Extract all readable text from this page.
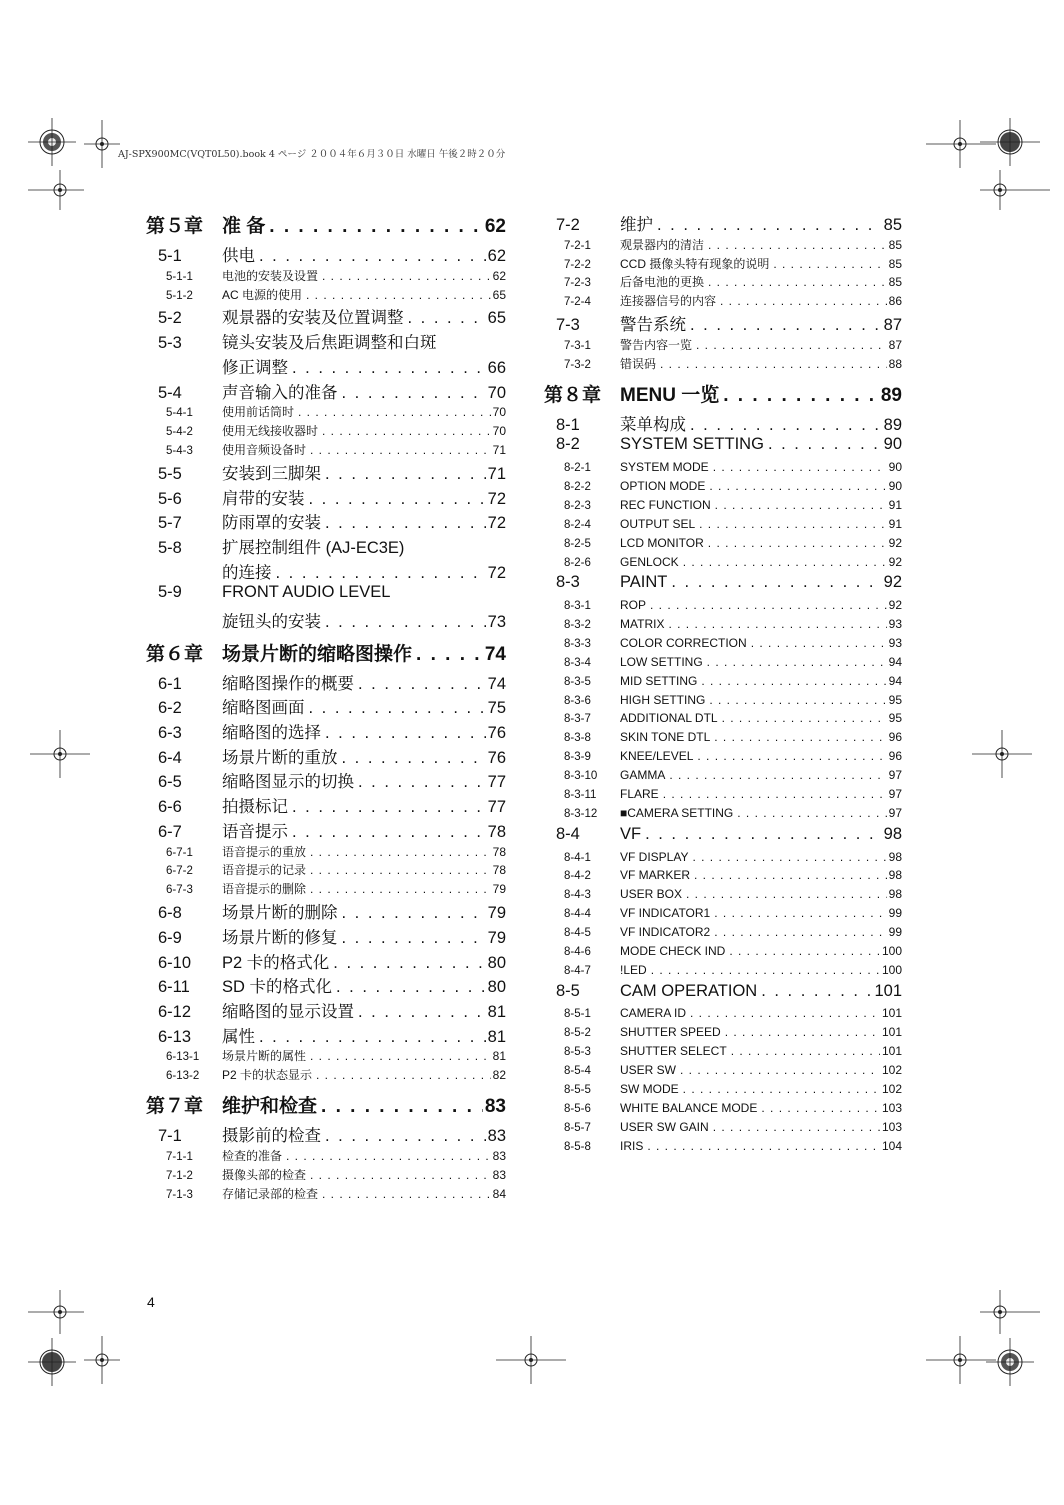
AJ-SPX900MC(VQT0L50).book 4 ページ ２００４年６月３０日 水曜日 午後２時２０分
第５章 准 备 . . .	62
5-1	供电 . . .	62
5-1-1	电池的安装及设置 . . .	62
5-1-2	AC 电源的使用 . . .	65
5-2	观景器的安装及位置调整 . . .	65
5-3	镜头安装及后焦距调整和白斑
修正调整 . . .	66
5-4	声音输入的准备 . . .	70
5-4-1	使用前话筒时 . . .	70
5-4-2	使用无线接收器时 . . .	70
5-4-3	使用音频设备时 . . .	71
5-5	安装到三脚架 . . .	71
5-6	肩带的安装 . . .	72
5-7	防雨罩的安装 . . .	72
5-8	扩展控制组件 (AJ-EC3E)
的连接 . . .	72
5-9	FRONT AUDIO LEVEL
旋钮头的安装 . . .	73
第６章 场景片断的缩略图操作 . . .	74
6-1	缩略图操作的概要 . . .	74
6-2	缩略图画面 . . .	75
6-3	缩略图的选择 . . .	76
6-4	场景片断的重放 . . .	76
6-5	缩略图显示的切换 . . .	77
6-6	拍摄标记 . . .	77
6-7	语音提示 . . .	78
6-7-1	语音提示的重放 . . .	78
6-7-2	语音提示的记录 . . .	78
6-7-3	语音提示的删除 . . .	79
6-8	场景片断的删除 . . .	79
6-9	场景片断的修复 . . .	79
6-10	P2 卡的格式化 . . .	80
6-11	SD 卡的格式化 . . .	80
6-12	缩略图的显示设置 . . .	81
6-13	属性 . . .	81
6-13-1	场景片断的属性 . . .	81
6-13-2	P2 卡的状态显示 . . .	82
第７章 维护和检查 . . .	83
7-1	摄影前的检查 . . .	83
7-1-1	检查的准备 . . .	83
7-1-2	摄像头部的检查 . . .	83
7-1-3	存储记录部的检查 . . .	84
7-2	维护 . . .	85
7-2-1	观景器内的清洁 . . .	85
7-2-2	CCD 摄像头特有现象的说明 . . .	85
7-2-3	后备电池的更换 . . .	85
7-2-4	连接器信号的内容 . . .	86
7-3	警告系统 . . .	87
7-3-1	警告内容一览 . . .	87
7-3-2	错误码 . . .	88
第８章 MENU 一览 . . .	89
8-1	菜单构成 . . .	89
8-2	SYSTEM SETTING . . .	90
8-2-1	SYSTEM MODE . . .	90
8-2-2	OPTION MODE . . .	90
8-2-3	REC FUNCTION . . .	91
8-2-4	OUTPUT SEL . . .	91
8-2-5	LCD MONITOR . . .	92
8-2-6	GENLOCK . . .	92
8-3	PAINT . . .	92
8-3-1	ROP . . .	92
8-3-2	MATRIX . . .	93
8-3-3	COLOR CORRECTION . . .	93
8-3-4	LOW SETTING . . .	94
8-3-5	MID SETTING . . .	94
8-3-6	HIGH SETTING . . .	95
8-3-7	ADDITIONAL DTL . . .	95
8-3-8	SKIN TONE DTL . . .	96
8-3-9	KNEE/LEVEL . . .	96
8-3-10	GAMMA . . .	97
8-3-11	FLARE . . .	97
8-3-12	■CAMERA SETTING . . .	97
8-4	VF . . .	98
8-4-1	VF DISPLAY . . .	98
8-4-2	VF MARKER . . .	98
8-4-3	USER BOX . . .	98
8-4-4	VF INDICATOR1 . . .	99
8-4-5	VF INDICATOR2 . . .	99
8-4-6	MODE CHECK IND . . .	100
8-4-7	!LED . . .	100
8-5	CAM OPERATION . . .	101
8-5-1	CAMERA ID . . .	101
8-5-2	SHUTTER SPEED . . .	101
8-5-3	SHUTTER SELECT . . .	101
8-5-4	USER SW . . .	102
8-5-5	SW MODE . . .	102
8-5-6	WHITE BALANCE MODE . . .	103
8-5-7	USER SW GAIN . . .	103
8-5-8	IRIS . . .	104
4
